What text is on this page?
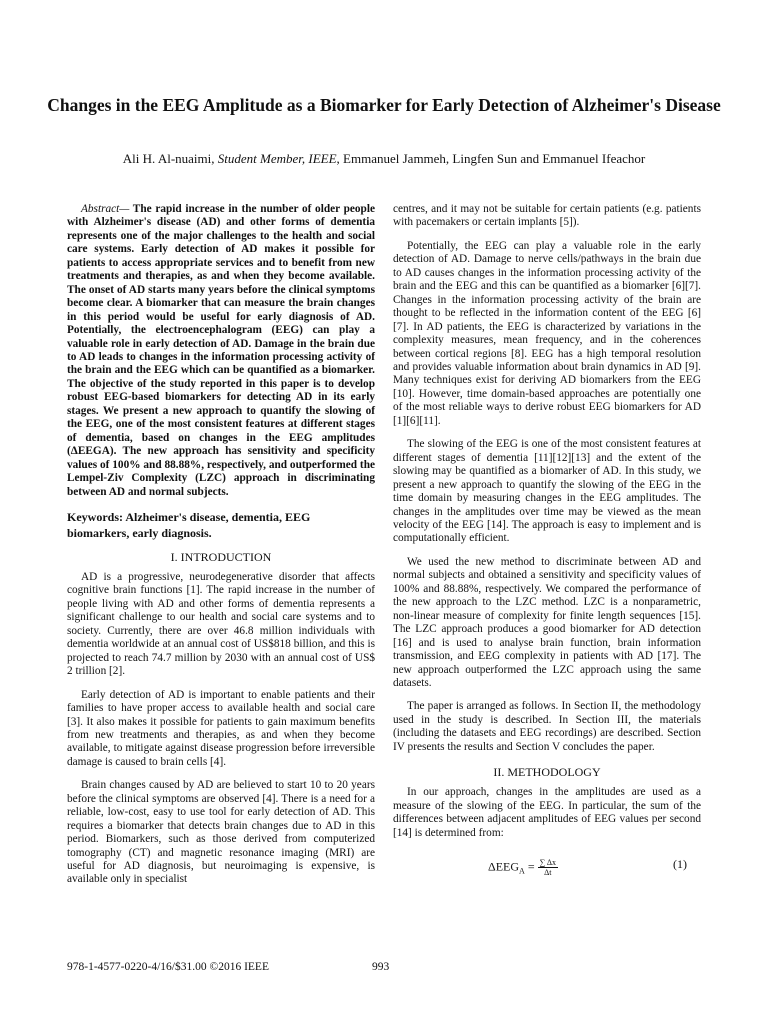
Changes in the EEG Amplitude as a Biomarker for Early Detection of Alzheimer's Disease
Ali H. Al-nuaimi, Student Member, IEEE, Emmanuel Jammeh, Lingfen Sun and Emmanuel Ifeachor

Abstract— The rapid increase in the number of older people with Alzheimer's disease (AD) and other forms of dementia represents one of the major challenges to the health and social care systems. Early detection of AD makes it possible for patients to access appropriate services and to benefit from new treatments and therapies, as and when they become available. The onset of AD starts many years before the clinical symptoms become clear. A biomarker that can measure the brain changes in this period would be useful for early diagnosis of AD. Potentially, the electroencephalogram (EEG) can play a valuable role in early detection of AD. Damage in the brain due to AD leads to changes in the information processing activity of the brain and the EEG which can be quantified as a biomarker. The objective of the study reported in this paper is to develop robust EEG-based biomarkers for detecting AD in its early stages. We present a new approach to quantify the slowing of the EEG, one of the most consistent features at different stages of dementia, based on changes in the EEG amplitudes (ΔEEGA). The new approach has sensitivity and specificity values of 100% and 88.88%, respectively, and outperformed the Lempel-Ziv Complexity (LZC) approach in discriminating between AD and normal subjects.

Keywords: Alzheimer's disease, dementia, EEG biomarkers, early diagnosis.
I. INTRODUCTION

AD is a progressive, neurodegenerative disorder that affects cognitive brain functions [1]. The rapid increase in the number of people living with AD and other forms of dementia represents a significant challenge to our health and social care systems and to society. Currently, there are over 46.8 million individuals with dementia worldwide at an annual cost of US$818 billion, and this is projected to reach 74.7 million by 2030 with an annual cost of US$ 2 trillion [2].

Early detection of AD is important to enable patients and their families to have proper access to available health and social care [3]. It also makes it possible for patients to gain maximum benefits from new treatments and therapies, as and when they become available, to mitigate against disease progression before irreversible damage is caused to brain cells [4].

Brain changes caused by AD are believed to start 10 to 20 years before the clinical symptoms are observed [4]. There is a need for a reliable, low-cost, easy to use tool for early detection of AD. This requires a biomarker that detects brain changes due to AD in this period. Biomarkers, such as those derived from computerized tomography (CT) and magnetic resonance imaging (MRI) are useful for AD diagnosis, but neuroimaging is expensive, is available only in specialist

centres, and it may not be suitable for certain patients (e.g. patients with pacemakers or certain implants [5]).

Potentially, the EEG can play a valuable role in the early detection of AD. Damage to nerve cells/pathways in the brain due to AD causes changes in the information processing activity of the brain and the EEG and this can be quantified as a biomarker [6][7]. Changes in the information processing activity of the brain are thought to be reflected in the information content of the EEG [6][7]. In AD patients, the EEG is characterized by variations in the complexity measures, mean frequency, and in the coherences between cortical regions [8]. EEG has a high temporal resolution and provides valuable information about brain dynamics in AD [9]. Many techniques exist for deriving AD biomarkers from the EEG [10]. However, time domain-based approaches are potentially one of the most reliable ways to derive robust EEG biomarkers for AD [1][6][11].

The slowing of the EEG is one of the most consistent features at different stages of dementia [11][12][13] and the extent of the slowing may be quantified as a biomarker of AD. In this study, we present a new approach to quantify the slowing of the EEG in the time domain by measuring changes in the EEG amplitudes. The changes in the amplitudes over time may be viewed as the mean velocity of the EEG [14]. The approach is easy to implement and is computationally efficient.

We used the new method to discriminate between AD and normal subjects and obtained a sensitivity and specificity values of 100% and 88.88%, respectively. We compared the performance of the new approach to the LZC method. LZC is a nonparametric, non-linear measure of complexity for finite length sequences [15]. The LZC approach produces a good biomarker for AD detection [16] and is used to analyse brain function, brain information transmission, and EEG complexity in patients with AD [17]. The new approach outperformed the LZC approach using the same datasets.

The paper is arranged as follows. In Section II, the methodology used in the study is described. In Section III, the materials (including the datasets and EEG recordings) are described. Section IV presents the results and Section V concludes the paper.

II. METHODOLOGY

In our approach, changes in the amplitudes are used as a measure of the slowing of the EEG. In particular, the sum of the differences between adjacent amplitudes of EEG values per second [14] is determined from:

$\Delta EEG_A = \frac{\sum \Delta x}{\Delta t}$	(1)
978-1-4577-0220-4/16/$31.00 ©2016 IEEE	993
